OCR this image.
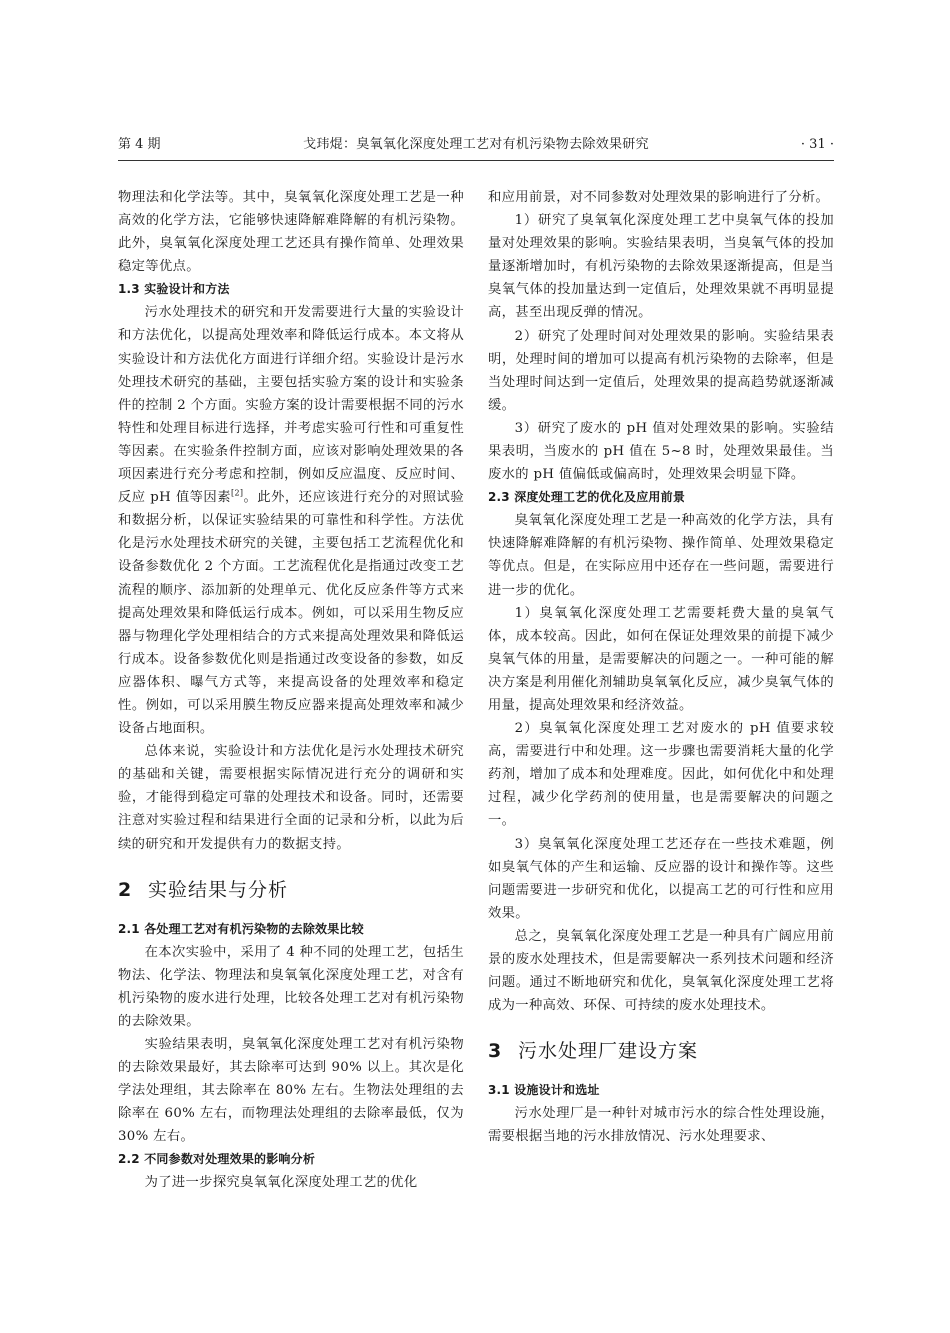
戈玮焜：臭氧氧化深度处理工艺对有机污染物去除效果研究
第 4 期	· 31 ·

物理法和化学法等。其中，臭氧氧化深度处理工艺是一种高效的化学方法，它能够快速降解难降解的有机污染物。此外，臭氧氧化深度处理工艺还具有操作简单、处理效果稳定等优点。

1.3 实验设计和方法

污水处理技术的研究和开发需要进行大量的实验设计和方法优化，以提高处理效率和降低运行成本。本文将从实验设计和方法优化方面进行详细介绍。实验设计是污水处理技术研究的基础，主要包括实验方案的设计和实验条件的控制 2 个方面。实验方案的设计需要根据不同的污水特性和处理目标进行选择，并考虑实验可行性和可重复性等因素。在实验条件控制方面，应该对影响处理效果的各项因素进行充分考虑和控制，例如反应温度、反应时间、反应 pH 值等因素[2]。此外，还应该进行充分的对照试验和数据分析，以保证实验结果的可靠性和科学性。方法优化是污水处理技术研究的关键，主要包括工艺流程优化和设备参数优化 2 个方面。工艺流程优化是指通过改变工艺流程的顺序、添加新的处理单元、优化反应条件等方式来提高处理效果和降低运行成本。例如，可以采用生物反应器与物理化学处理相结合的方式来提高处理效果和降低运行成本。设备参数优化则是指通过改变设备的参数，如反应器体积、曝气方式等，来提高设备的处理效率和稳定性。例如，可以采用膜生物反应器来提高处理效率和减少设备占地面积。

总体来说，实验设计和方法优化是污水处理技术研究的基础和关键，需要根据实际情况进行充分的调研和实验，才能得到稳定可靠的处理技术和设备。同时，还需要注意对实验过程和结果进行全面的记录和分析，以此为后续的研究和开发提供有力的数据支持。

2 实验结果与分析
2.1 各处理工艺对有机污染物的去除效果比较

在本次实验中，采用了 4 种不同的处理工艺，包括生物法、化学法、物理法和臭氧氧化深度处理工艺，对含有机污染物的废水进行处理，比较各处理工艺对有机污染物的去除效果。

实验结果表明，臭氧氧化深度处理工艺对有机污染物的去除效果最好，其去除率可达到 90% 以上。其次是化学法处理组，其去除率在 80% 左右。生物法处理组的去除率在 60% 左右，而物理法处理组的去除率最低，仅为 30% 左右。

2.2 不同参数对处理效果的影响分析

为了进一步探究臭氧氧化深度处理工艺的优化

和应用前景，对不同参数对处理效果的影响进行了分析。

1）研究了臭氧氧化深度处理工艺中臭氧气体的投加量对处理效果的影响。实验结果表明，当臭氧气体的投加量逐渐增加时，有机污染物的去除效果逐渐提高，但是当臭氧气体的投加量达到一定值后，处理效果就不再明显提高，甚至出现反弹的情况。

2）研究了处理时间对处理效果的影响。实验结果表明，处理时间的增加可以提高有机污染物的去除率，但是当处理时间达到一定值后，处理效果的提高趋势就逐渐减缓。

3）研究了废水的 pH 值对处理效果的影响。实验结果表明，当废水的 pH 值在 5~8 时，处理效果最佳。当废水的 pH 值偏低或偏高时，处理效果会明显下降。

2.3 深度处理工艺的优化及应用前景

臭氧氧化深度处理工艺是一种高效的化学方法，具有快速降解难降解的有机污染物、操作简单、处理效果稳定等优点。但是，在实际应用中还存在一些问题，需要进行进一步的优化。

1）臭氧氧化深度处理工艺需要耗费大量的臭氧气体，成本较高。因此，如何在保证处理效果的前提下减少臭氧气体的用量，是需要解决的问题之一。一种可能的解决方案是利用催化剂辅助臭氧氧化反应，减少臭氧气体的用量，提高处理效果和经济效益。

2）臭氧氧化深度处理工艺对废水的 pH 值要求较高，需要进行中和处理。这一步骤也需要消耗大量的化学药剂，增加了成本和处理难度。因此，如何优化中和处理过程，减少化学药剂的使用量，也是需要解决的问题之一。

3）臭氧氧化深度处理工艺还存在一些技术难题，例如臭氧气体的产生和运输、反应器的设计和操作等。这些问题需要进一步研究和优化，以提高工艺的可行性和应用效果。

总之，臭氧氧化深度处理工艺是一种具有广阔应用前景的废水处理技术，但是需要解决一系列技术问题和经济问题。通过不断地研究和优化，臭氧氧化深度处理工艺将成为一种高效、环保、可持续的废水处理技术。

3 污水处理厂建设方案
3.1 设施设计和选址

污水处理厂是一种针对城市污水的综合性处理设施，需要根据当地的污水排放情况、污水处理要求、
